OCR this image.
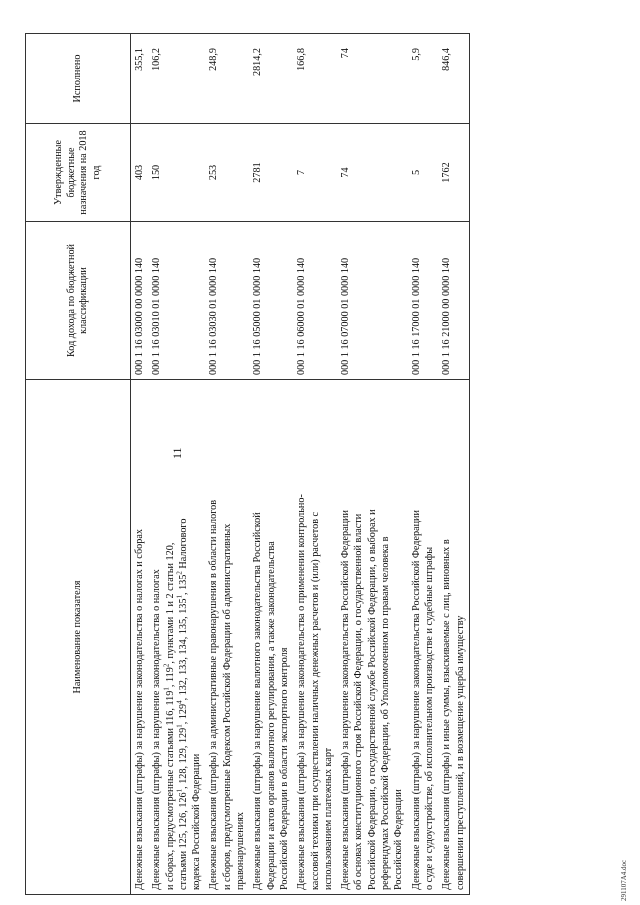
11
Наименование показателя	Код дохода по бюджетной классификации	Утвержденные бюджетные назначения на 2018 год	Исполнено
Денежные взыскания (штрафы) за нарушение законодательства о налогах и сборах	000 1 16 03000 00 0000 140	403	355,1
Денежные взыскания (штрафы) за нарушение законодательства о налогах и сборах, предусмотренные статьями 116, $119^1$, $119^2$, пунктами 1 и 2 статьи 120,
статьями 125, 126, $126^1$, 128, 129, $129^1$, $129^4$, 132, 133, 134, 135, $135^1$, $135^2$ Налогового
кодекса Российской Федерации	000 1 16 03010 01 0000 140	150	106,2
Денежные взыскания (штрафы) за административные правонарушения в области налогов и сборов, предусмотренные Кодексом Российской Федерации об административных правонарушениях	000 1 16 03030 01 0000 140	253	248,9
Денежные взыскания (штрафы) за нарушение валютного законодательства Российской Федерации и актов органов валютного регулирования, а также законодательства Российской Федерации в области экспортного контроля	000 1 16 05000 01 0000 140	2781	2814,2
Денежные взыскания (штрафы) за нарушение законодательства о применении контрольно- кассовой техники при осуществлении наличных денежных расчетов и (или) расчетов с использованием платежных карт	000 1 16 06000 01 0000 140	7	166,8
Денежные взыскания (штрафы) за нарушение законодательства Российской Федерации об основах конституционного строя Российской Федерации, о государственной власти Российской Федерации, о государственной службе Российской Федерации, о выборах и референдумах Российской Федерации, об Уполномоченном по правам человека в Российской Федерации	000 1 16 07000 01 0000 140	74	74
Денежные взыскания (штрафы) за нарушение законодательства Российской Федерации о суде и судоустройстве, об исполнительном производстве и судебные штрафы	000 1 16 17000 01 0000 140	5	5,9
Денежные взыскания (штрафы) и иные суммы, взыскиваемые с лиц, виновных в совершении преступлений, и в возмещение ущерба имуществу	000 1 16 21000 00 0000 140	1762	846,4
291107A4.doc
